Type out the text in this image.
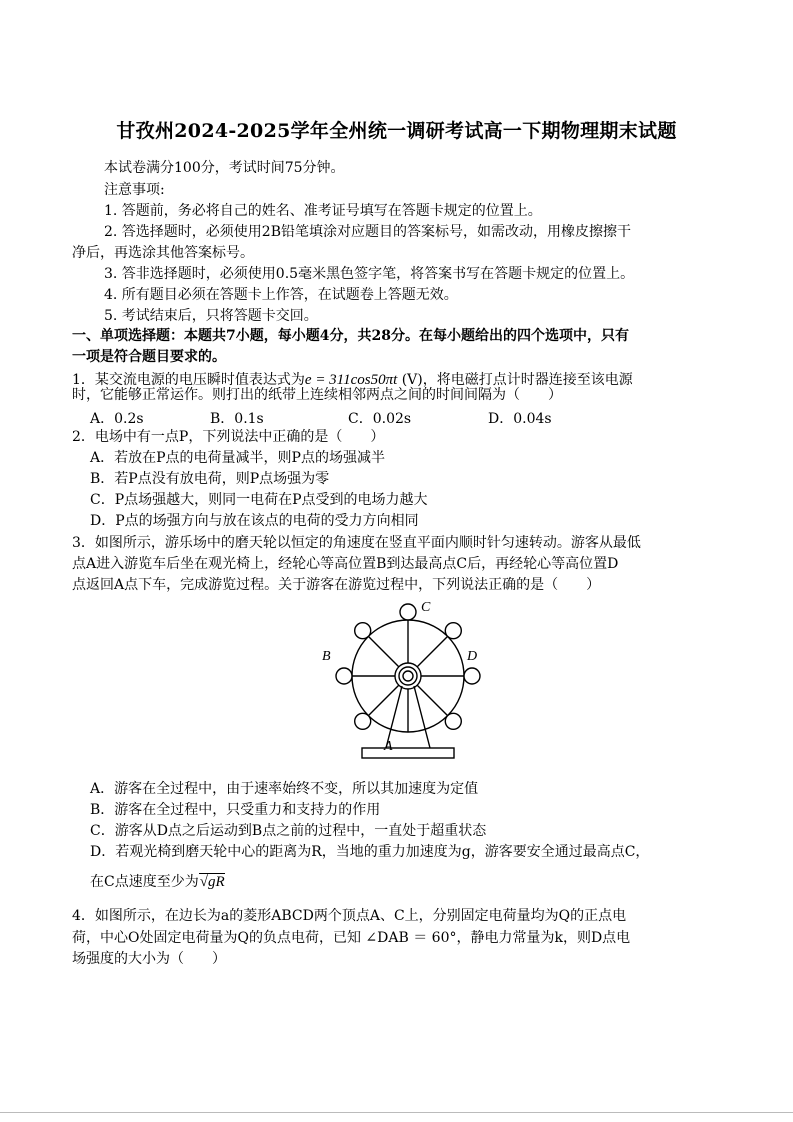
甘孜州2024-2025学年全州统一调研考试高一下期物理期末试题
本试卷满分100分，考试时间75分钟。
注意事项:
1. 答题前，务必将自己的姓名、准考证号填写在答题卡规定的位置上。
2. 答选择题时，必须使用2B铅笔填涂对应题目的答案标号，如需改动，用橡皮擦擦干
净后，再选涂其他答案标号。
3. 答非选择题时，必须使用0.5毫米黑色签字笔，将答案书写在答题卡规定的位置上。
4. 所有题目必须在答题卡上作答，在试题卷上答题无效。
5. 考试结束后，只将答题卡交回。
一、单项选择题：本题共7小题，每小题4分，共28分。在每小题给出的四个选项中，只有
一项是符合题目要求的。
1．某交流电源的电压瞬时值表达式为e = 311cos50πt (V)，将电磁打点计时器连接至该电源
时，它能够正常运作。则打出的纸带上连续相邻两点之间的时间间隔为（　　）
A．0.2s	B．0.1s	C．0.02s	D．0.04s
2．电场中有一点P，下列说法中正确的是（　　）
A．若放在P点的电荷量减半，则P点的场强减半
B．若P点没有放电荷，则P点场强为零
C．P点场强越大，则同一电荷在P点受到的电场力越大
D．P点的场强方向与放在该点的电荷的受力方向相同
3．如图所示，游乐场中的磨天轮以恒定的角速度在竖直平面内顺时针匀速转动。游客从最低
点A进入游览车后坐在观光椅上，经轮心等高位置B到达最高点C后，再经轮心等高位置D
点返回A点下车，完成游览过程。关于游客在游览过程中，下列说法正确的是（　　）
C
B	D
A
A．游客在全过程中，由于速率始终不变，所以其加速度为定值
B．游客在全过程中，只受重力和支持力的作用
C．游客从D点之后运动到B点之前的过程中，一直处于超重状态
D．若观光椅到磨天轮中心的距离为R，当地的重力加速度为g，游客要安全通过最高点C，
在C点速度至少为√gR
4．如图所示，在边长为a的菱形ABCD两个顶点A、C上，分别固定电荷量均为Q的正点电
荷，中心O处固定电荷量为Q的负点电荷，已知 ∠DAB ＝ 60°，静电力常量为k，则D点电
场强度的大小为（　　）
